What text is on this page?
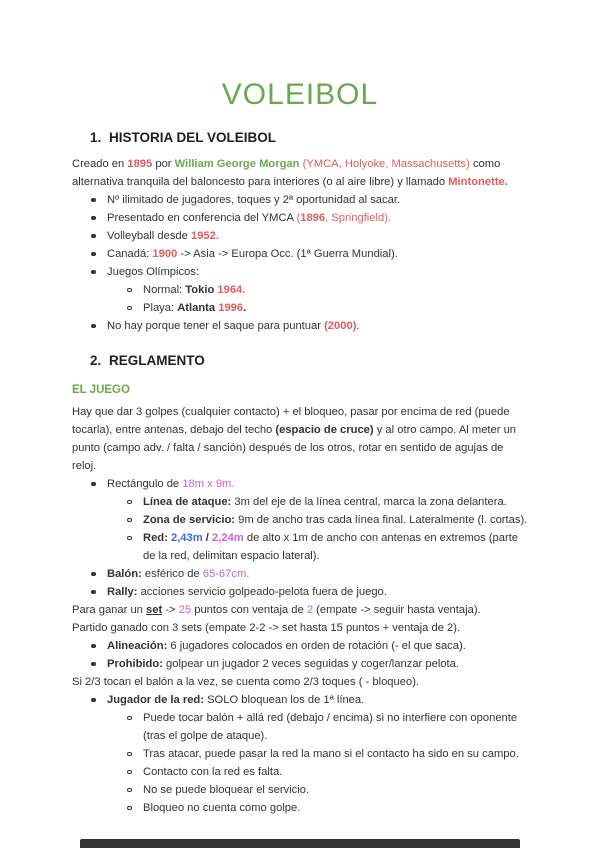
VOLEIBOL
1. HISTORIA DEL VOLEIBOL
Creado en 1895 por William George Morgan (YMCA, Holyoke, Massachusetts) como alternativa tranquila del baloncesto para interiores (o al aire libre) y llamado Mintonette.
Nº ilimitado de jugadores, toques y 2ª oportunidad al sacar.
Presentado en conferencia del YMCA (1896, Springfield).
Volleyball desde 1952.
Canadá: 1900 -> Asia -> Europa Occ. (1ª Guerra Mundial).
Juegos Olímpicos:
Normal: Tokio 1964.
Playa: Atlanta 1996.
No hay porque tener el saque para puntuar (2000).
2. REGLAMENTO
EL JUEGO
Hay que dar 3 golpes (cualquier contacto) + el bloqueo, pasar por encima de red (puede tocarla), entre antenas, debajo del techo (espacio de cruce) y al otro campo. Al meter un punto (campo adv. / falta / sanción) después de los otros, rotar en sentido de agujas de reloj.
Rectángulo de 18m x 9m.
Línea de ataque: 3m del eje de la línea central, marca la zona delantera.
Zona de servicio: 9m de ancho tras cada línea final. Lateralmente (l. cortas).
Red: 2,43m / 2,24m de alto x 1m de ancho con antenas en extremos (parte de la red, delimitan espacio lateral).
Balón: esférico de 65-67cm.
Rally: acciones servicio golpeado-pelota fuera de juego.
Para ganar un set -> 25 puntos con ventaja de 2 (empate -> seguir hasta ventaja).
Partido ganado con 3 sets (empate 2-2 -> set hasta 15 puntos + ventaja de 2).
Alineación: 6 jugadores colocados en orden de rotación (- el que saca).
Prohibido: golpear un jugador 2 veces seguidas y coger/lanzar pelota.
Si 2/3 tocan el balón a la vez, se cuenta como 2/3 toques ( - bloqueo).
Jugador de la red: SOLO bloquean los de 1ª línea.
Puede tocar balón + allá red (debajo / encima) si no interfiere con oponente (tras el golpe de ataque).
Tras atacar, puede pasar la red la mano si el contacto ha sido en su campo.
Contacto con la red es falta.
No se puede bloquear el servicio.
Bloqueo no cuenta como golpe.
